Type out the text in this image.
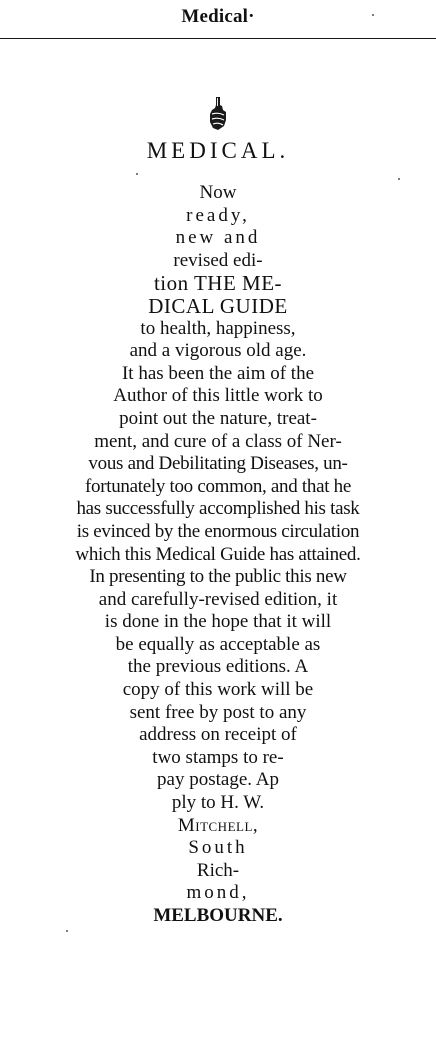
Medical·
MEDICAL.
Now
ready,
new and
revised edi-
tion THE ME-
DICAL GUIDE
to health, happiness,
and a vigorous old age.
It has been the aim of the
Author of this little work to
point out the nature, treat-
ment, and cure of a class of Ner-
vous and Debilitating Diseases, un-
fortunately too common, and that he
has successfully accomplished his task
is evinced by the enormous circulation
which this Medical Guide has attained.
In presenting to the public this new
and carefully-revised edition, it
is done in the hope that it will
be equally as acceptable as
the previous editions. A
copy of this work will be
sent free by post to any
address on receipt of
two stamps to re-
pay postage. Ap
ply to H. W.
Mitchell,
South
Rich-
mond,
MELBOURNE.
